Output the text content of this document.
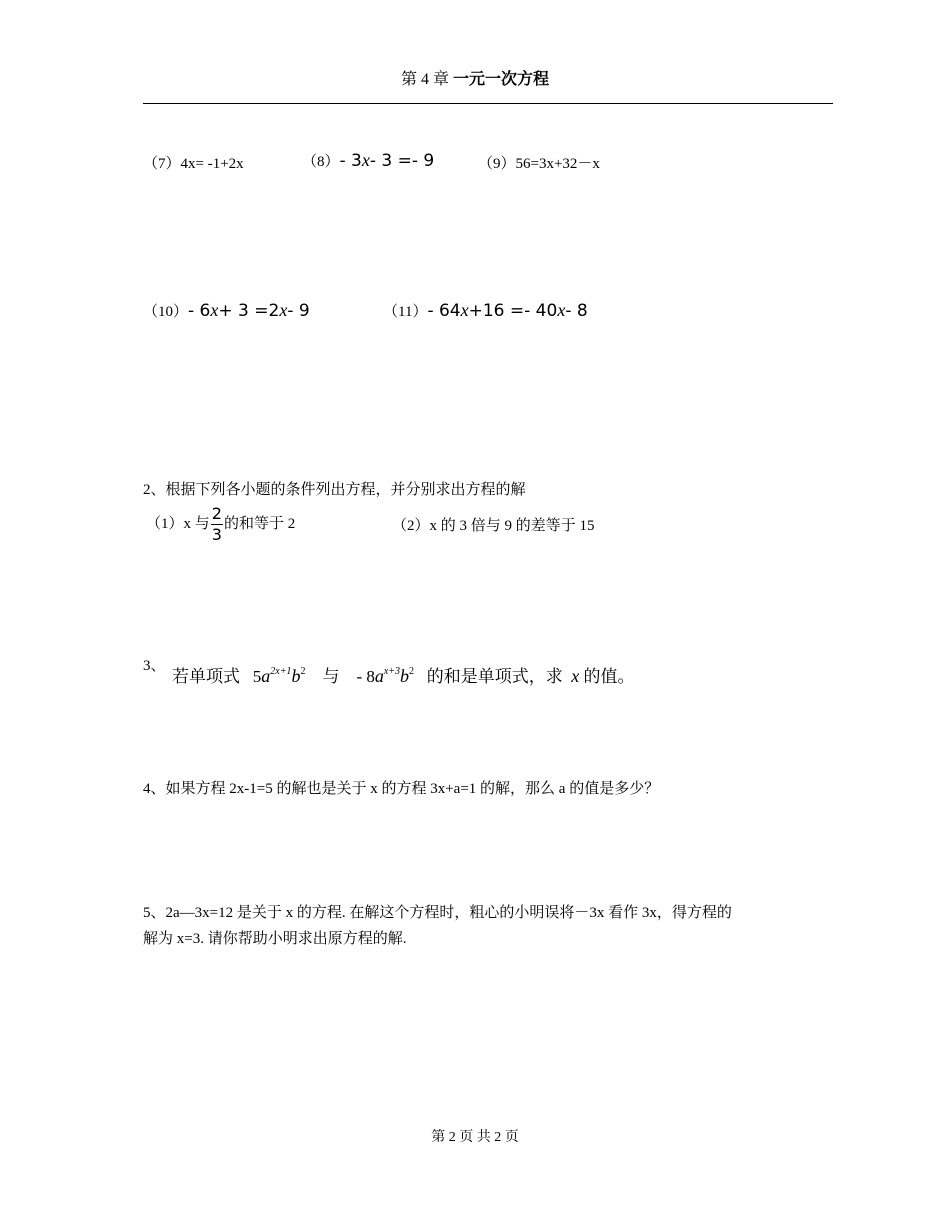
第 4 章 一元一次方程
（7）4x= -1+2x	（8）- 3x- 3 =- 9	（9）56=3x+32－x
（10）- 6x+ 3 =2x- 9	（11）- 64x+16 =- 40x- 8
2、根据下列各小题的条件列出方程，并分别求出方程的解
（1）x 与 $\frac{2}{3}$ 的和等于 2	（2）x 的 3 倍与 9 的差等于 15
3、
若单项式 $5a^{2x+1}b^2$ 与 - $8a^{x+3}b^2$ 的和是单项式，求 x 的值。
4、如果方程 2x-1=5 的解也是关于 x 的方程 3x+a=1 的解，那么 a 的值是多少？
5、2a—3x=12 是关于 x 的方程. 在解这个方程时，粗心的小明误将－3x 看作 3x，得方程的
解为 x=3. 请你帮助小明求出原方程的解.
第 2 页 共 2 页
